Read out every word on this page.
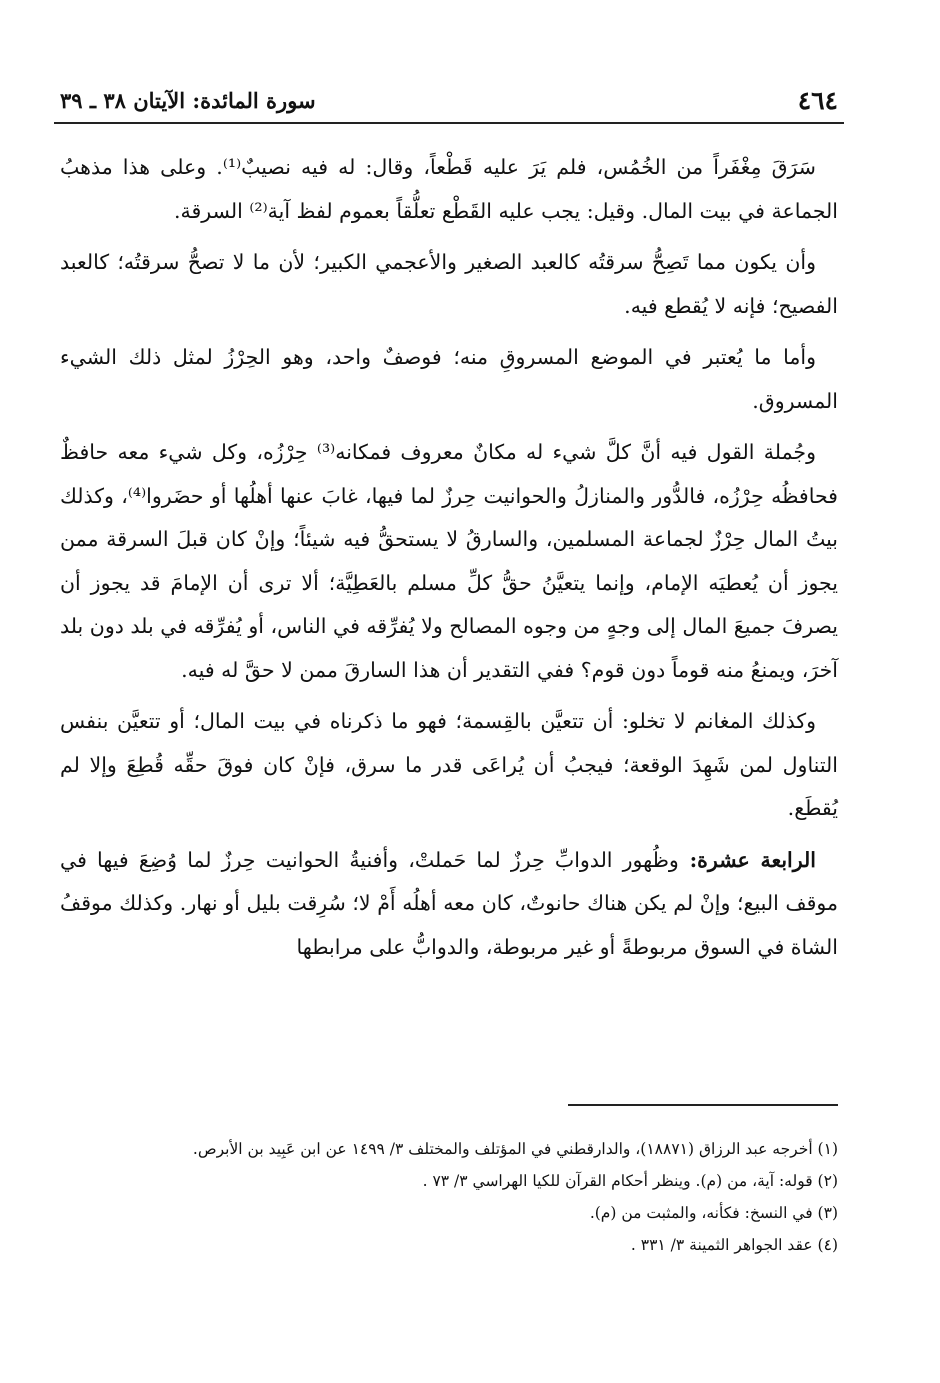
٤٦٤
سورة المائدة: الآيتان ٣٨ ـ ٣٩

سَرَقَ مِغْفَراً من الخُمُس، فلم يَرَ عليه قَطْعاً، وقال: له فيه نصيبٌ⁽¹⁾. وعلى هذا مذهبُ الجماعة في بيت المال. وقيل: يجب عليه القَطْع تعلُّقاً بعموم لفظ آية⁽²⁾ السرقة.

وأن يكون مما تَصِحُّ سرقتُه كالعبد الصغير والأعجمي الكبير؛ لأن ما لا تصحُّ سرقتُه؛ كالعبد الفصيح؛ فإنه لا يُقطع فيه.

وأما ما يُعتبر في الموضع المسروقِ منه؛ فوصفٌ واحد، وهو الحِرْزُ لمثل ذلك الشيء المسروق.

وجُملة القول فيه أنَّ كلَّ شيء له مكانٌ معروف فمكانه⁽³⁾ حِرْزُه، وكل شيء معه حافظٌ فحافظُه حِرْزُه، فالدُّور والمنازلُ والحوانيت حِرزٌ لما فيها، غابَ عنها أهلُها أو حضَروا⁽⁴⁾، وكذلك بيتُ المال حِرْزٌ لجماعة المسلمين، والسارقُ لا يستحقُّ فيه شيئاً؛ وإنْ كان قبلَ السرقة ممن يجوز أن يُعطيَه الإمام، وإنما يتعيَّنُ حقُّ كلِّ مسلم بالعَطِيَّة؛ ألا ترى أن الإمامَ قد يجوز أن يصرفَ جميعَ المال إلى وجهٍ من وجوه المصالح ولا يُفرِّقه في الناس، أو يُفرِّقه في بلد دون بلد آخرَ، ويمنعُ منه قوماً دون قوم؟ ففي التقدير أن هذا السارقَ ممن لا حقَّ له فيه.

وكذلك المغانم لا تخلو: أن تتعيَّن بالقِسمة؛ فهو ما ذكرناه في بيت المال؛ أو تتعيَّن بنفس التناول لمن شَهِدَ الوقعة؛ فيجبُ أن يُراعَى قدر ما سرق، فإنْ كان فوقَ حقِّه قُطِعَ وإلا لم يُقطَع.

الرابعة عشرة: وظُهور الدوابِّ حِرزٌ لما حَملتْ، وأفنيةُ الحوانيت حِرزٌ لما وُضِعَ فيها في موقف البيع؛ وإنْ لم يكن هناك حانوتٌ، كان معه أهلُه أَمْ لا؛ سُرِقت بليل أو نهار. وكذلك موقفُ الشاة في السوق مربوطةً أو غير مربوطة، والدوابُّ على مرابطها

(١) أخرجه عبد الرزاق (١٨٨٧١)، والدارقطني في المؤتلف والمختلف ٣/ ١٤٩٩ عن ابن عَبِيد بن الأبرص.

(٢) قوله: آية، من (م). وينظر أحكام القرآن للكيا الهراسي ٣/ ٧٣ .

(٣) في النسخ: فكأنه، والمثبت من (م).

(٤) عقد الجواهر الثمينة ٣/ ٣٣١ .
